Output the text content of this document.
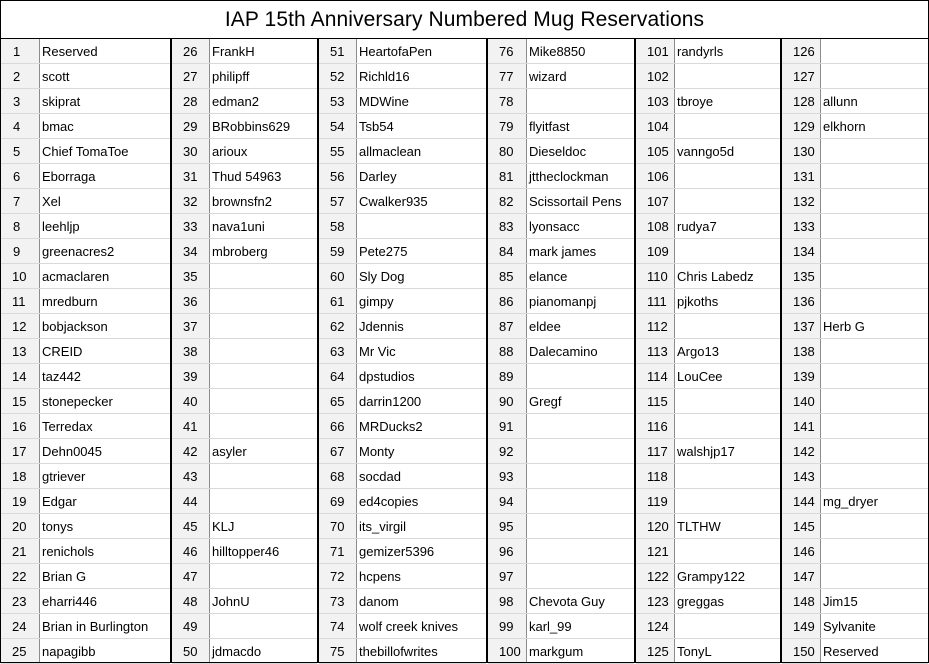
IAP 15th Anniversary Numbered Mug Reservations
1	Reserved
2	scott
3	skiprat
4	bmac
5	Chief TomaToe
6	Eborraga
7	Xel
8	leehljp
9	greenacres2
10	acmaclaren
11	mredburn
12	bobjackson
13	CREID
14	taz442
15	stonepecker
16	Terredax
17	Dehn0045
18	gtriever
19	Edgar
20	tonys
21	renichols
22	Brian G
23	eharri446
24	Brian in Burlington
25	napagibb
26	FrankH
27	philipff
28	edman2
29	BRobbins629
30	arioux
31	Thud 54963
32	brownsfn2
33	nava1uni
34	mbroberg
35
36
37
38
39
40
41
42	asyler
43
44
45	KLJ
46	hilltopper46
47
48	JohnU
49
50	jdmacdo
51	HeartofaPen
52	Richld16
53	MDWine
54	Tsb54
55	allmaclean
56	Darley
57	Cwalker935
58
59	Pete275
60	Sly Dog
61	gimpy
62	Jdennis
63	Mr Vic
64	dpstudios
65	darrin1200
66	MRDucks2
67	Monty
68	socdad
69	ed4copies
70	its_virgil
71	gemizer5396
72	hcpens
73	danom
74	wolf creek knives
75	thebillofwrites
76	Mike8850
77	wizard
78
79	flyitfast
80	Dieseldoc
81	jttheclockman
82	Scissortail Pens
83	lyonsacc
84	mark james
85	elance
86	pianomanpj
87	eldee
88	Dalecamino
89
90	Gregf
91
92
93
94
95
96
97
98	Chevota Guy
99	karl_99
100 markgum
101 randyrls
102
103 tbroye
104
105 vanngo5d
106
107
108 rudya7
109
110 Chris Labedz
111 pjkoths
112
113 Argo13
114 LouCee
115
116
117 walshjp17
118
119
120 TLTHW
121
122 Grampy122
123 greggas
124
125 TonyL
126
127
128 allunn
129 elkhorn
130
131
132
133
134
135
136
137 Herb G
138
139
140
141
142
143
144 mg_dryer
145
146
147
148 Jim15
149 Sylvanite
150 Reserved
